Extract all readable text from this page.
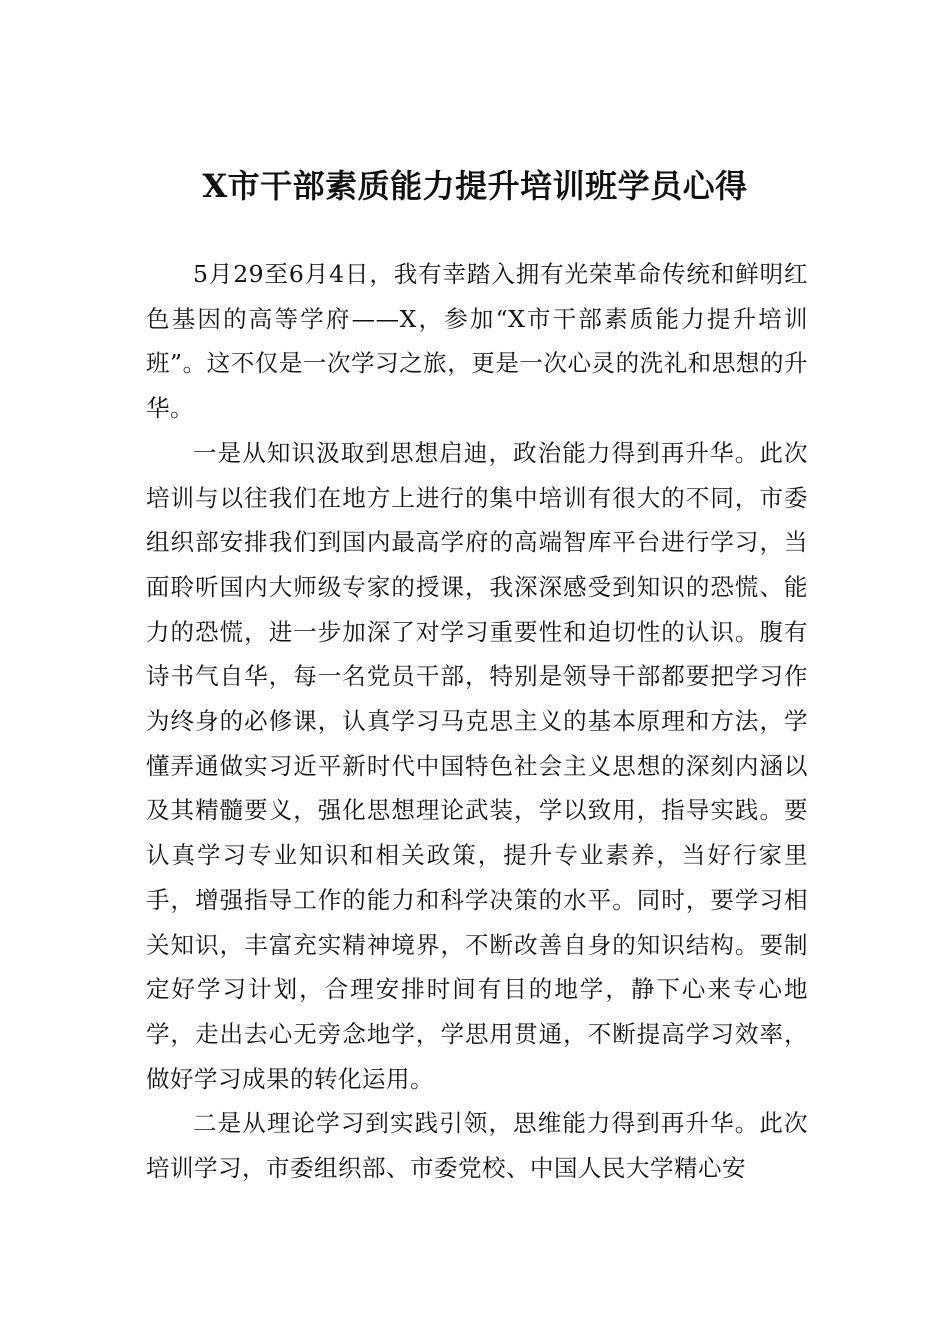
X市干部素质能力提升培训班学员心得

5月29至6月4日，我有幸踏入拥有光荣革命传统和鲜明红色基因的高等学府——X，参加“X市干部素质能力提升培训班”。这不仅是一次学习之旅，更是一次心灵的洗礼和思想的升华。

一是从知识汲取到思想启迪，政治能力得到再升华。此次培训与以往我们在地方上进行的集中培训有很大的不同，市委组织部安排我们到国内最高学府的高端智库平台进行学习，当面聆听国内大师级专家的授课，我深深感受到知识的恐慌、能力的恐慌，进一步加深了对学习重要性和迫切性的认识。腹有诗书气自华，每一名党员干部，特别是领导干部都要把学习作为终身的必修课，认真学习马克思主义的基本原理和方法，学懂弄通做实习近平新时代中国特色社会主义思想的深刻内涵以及其精髓要义，强化思想理论武装，学以致用，指导实践。要认真学习专业知识和相关政策，提升专业素养，当好行家里手，增强指导工作的能力和科学决策的水平。同时，要学习相关知识，丰富充实精神境界，不断改善自身的知识结构。要制定好学习计划，合理安排时间有目的地学，静下心来专心地学，走出去心无旁念地学，学思用贯通，不断提高学习效率，做好学习成果的转化运用。

二是从理论学习到实践引领，思维能力得到再升华。此次培训学习，市委组织部、市委党校、中国人民大学精心安
